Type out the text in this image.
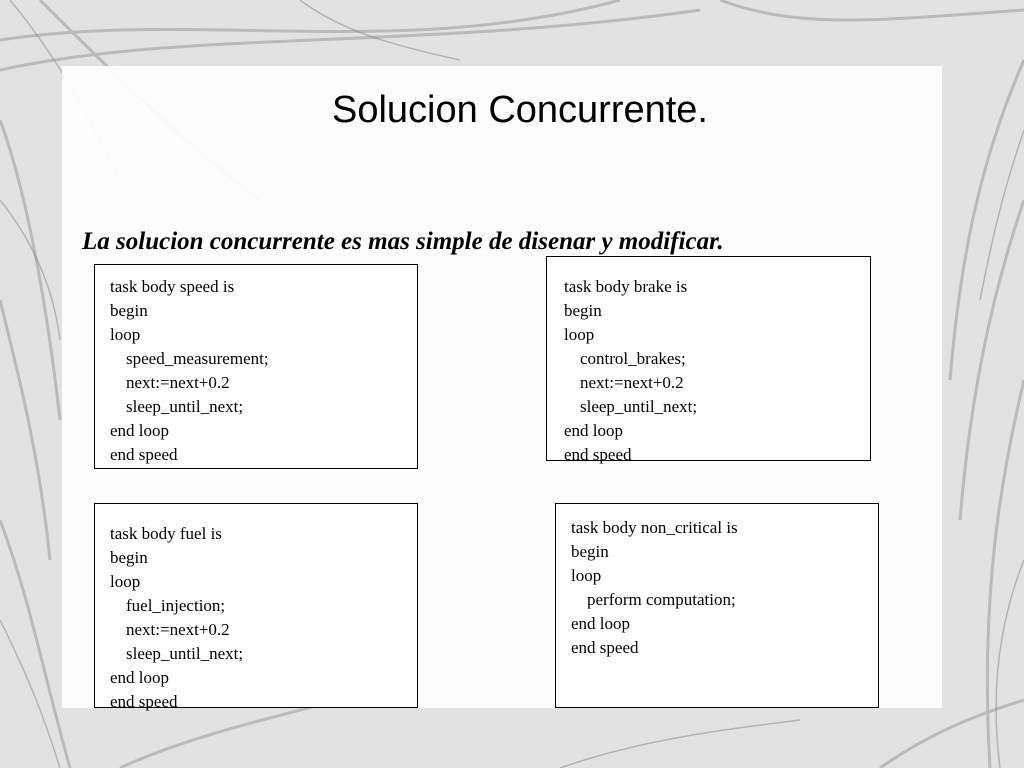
Solucion Concurrente.
La solucion concurrente es mas simple de disenar y modificar.
task body speed is
begin
loop
speed_measurement;
next:=next+0.2
sleep_until_next;
end loop
end speed
task body brake is
begin
loop
control_brakes;
next:=next+0.2
sleep_until_next;
end loop
end speed
task body fuel is
begin
loop
fuel_injection;
next:=next+0.2
sleep_until_next;
end loop
end speed
task body non_critical is
begin
loop
perform computation;
end loop
end speed
